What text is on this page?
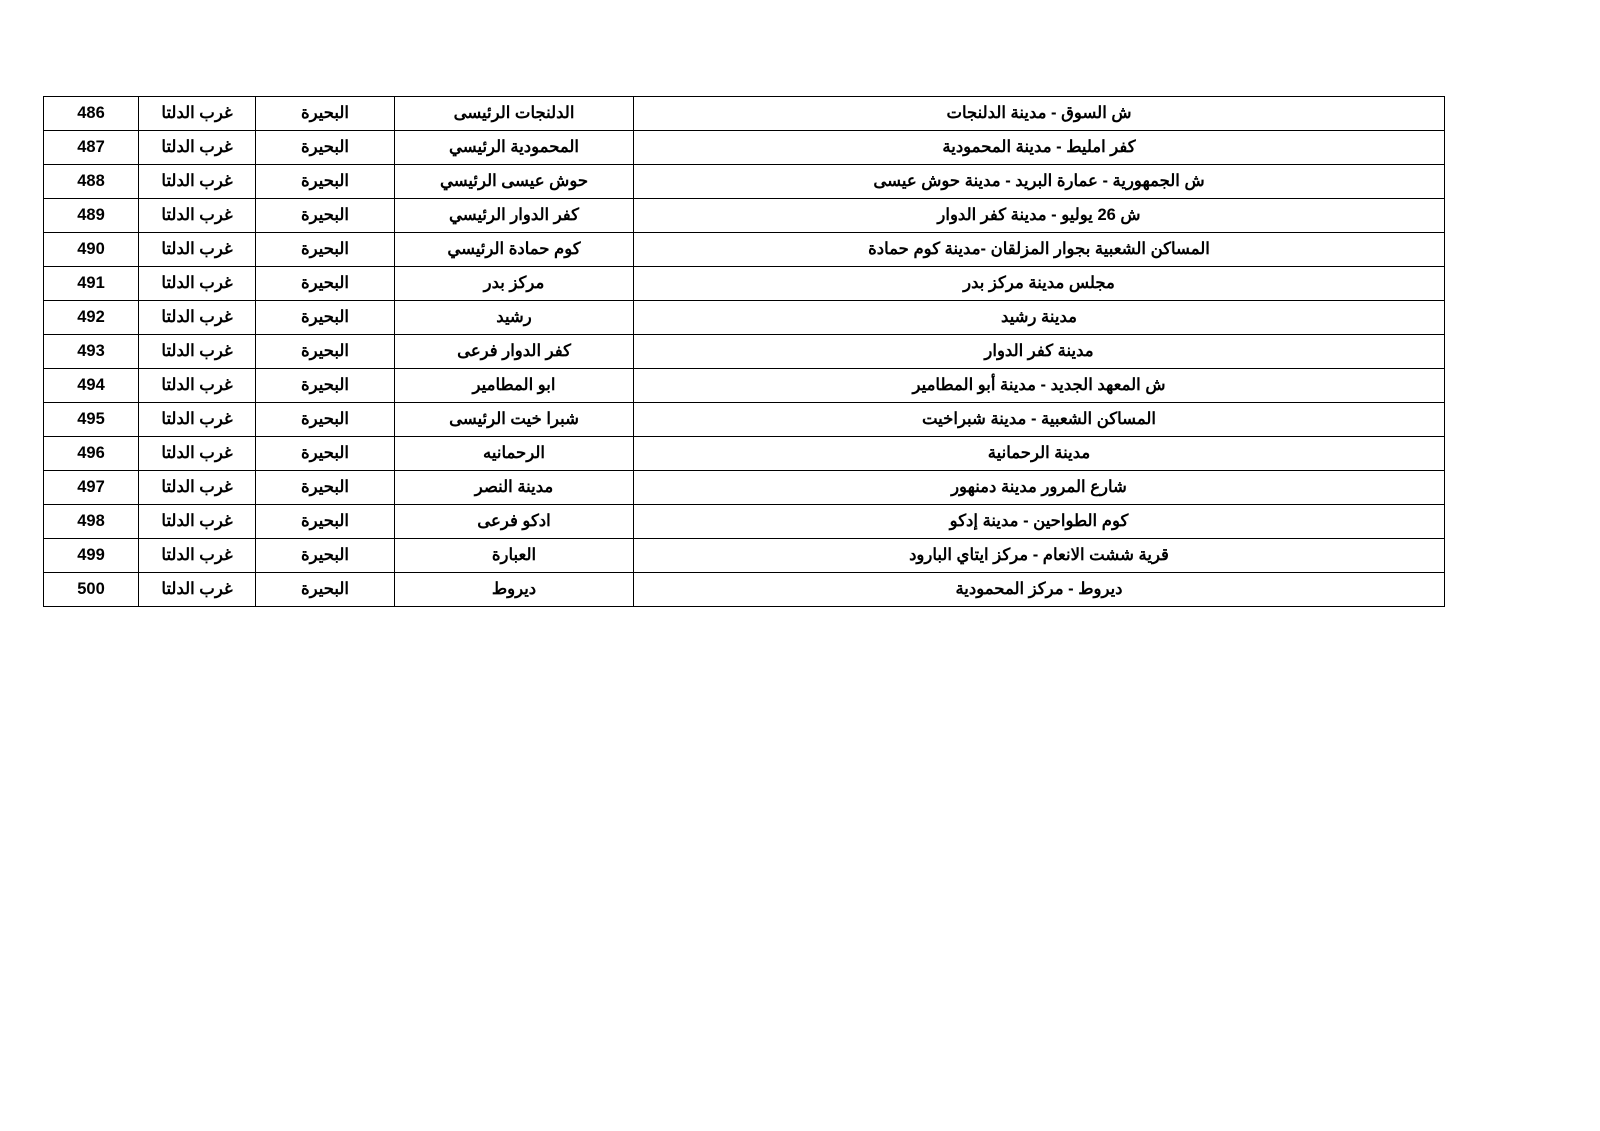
ش السوق - مدينة الدلنجات	الدلنجات الرئيسى	البحيرة	غرب الدلتا	486
كفر امليط - مدينة المحمودية	المحمودية الرئيسي	البحيرة	غرب الدلتا	487
ش الجمهورية - عمارة البريد - مدينة حوش عيسى	حوش عيسى الرئيسي	البحيرة	غرب الدلتا	488
ش 26 يوليو - مدينة كفر الدوار	كفر الدوار الرئيسي	البحيرة	غرب الدلتا	489
المساكن الشعبية بجوار المزلقان -مدينة كوم حمادة	كوم حمادة الرئيسي	البحيرة	غرب الدلتا	490
مجلس مدينة مركز بدر	مركز بدر	البحيرة	غرب الدلتا	491
مدينة رشيد	رشيد	البحيرة	غرب الدلتا	492
مدينة كفر الدوار	كفر الدوار فرعى	البحيرة	غرب الدلتا	493
ش المعهد الجديد - مدينة أبو المطامير	ابو المطامير	البحيرة	غرب الدلتا	494
المساكن الشعبية - مدينة شبراخيت	شبرا خيت الرئيسى	البحيرة	غرب الدلتا	495
مدينة الرحمانية	الرحمانيه	البحيرة	غرب الدلتا	496
شارع المرور مدينة دمنهور	مدينة النصر	البحيرة	غرب الدلتا	497
كوم الطواحين - مدينة إدكو	ادكو فرعى	البحيرة	غرب الدلتا	498
قرية ششت الانعام - مركز ايتاي البارود	العبارة	البحيرة	غرب الدلتا	499
ديروط - مركز المحمودية	ديروط	البحيرة	غرب الدلتا	500
